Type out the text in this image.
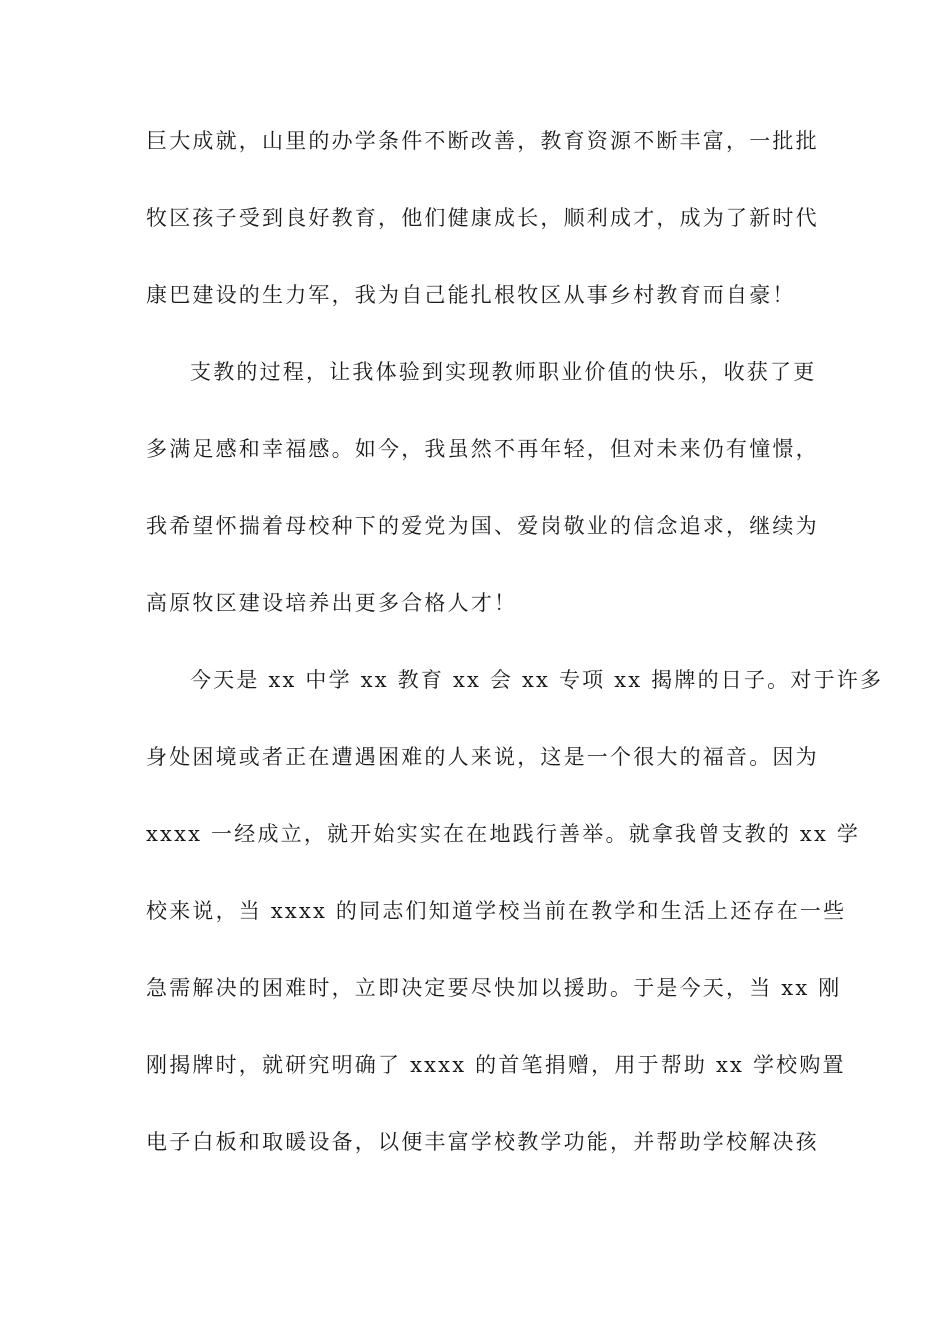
巨大成就，山里的办学条件不断改善，教育资源不断丰富，一批批
牧区孩子受到良好教育，他们健康成长，顺利成才，成为了新时代
康巴建设的生力军，我为自己能扎根牧区从事乡村教育而自豪！
支教的过程，让我体验到实现教师职业价值的快乐，收获了更
多满足感和幸福感。如今，我虽然不再年轻，但对未来仍有憧憬，
我希望怀揣着母校种下的爱党为国、爱岗敬业的信念追求，继续为
高原牧区建设培养出更多合格人才！
今天是 xx 中学 xx 教育 xx 会 xx 专项 xx 揭牌的日子。对于许多
身处困境或者正在遭遇困难的人来说，这是一个很大的福音。因为
xxxx 一经成立，就开始实实在在地践行善举。就拿我曾支教的 xx 学
校来说，当 xxxx 的同志们知道学校当前在教学和生活上还存在一些
急需解决的困难时，立即决定要尽快加以援助。于是今天，当 xx 刚
刚揭牌时，就研究明确了 xxxx 的首笔捐赠，用于帮助 xx 学校购置
电子白板和取暖设备，以便丰富学校教学功能，并帮助学校解决孩
